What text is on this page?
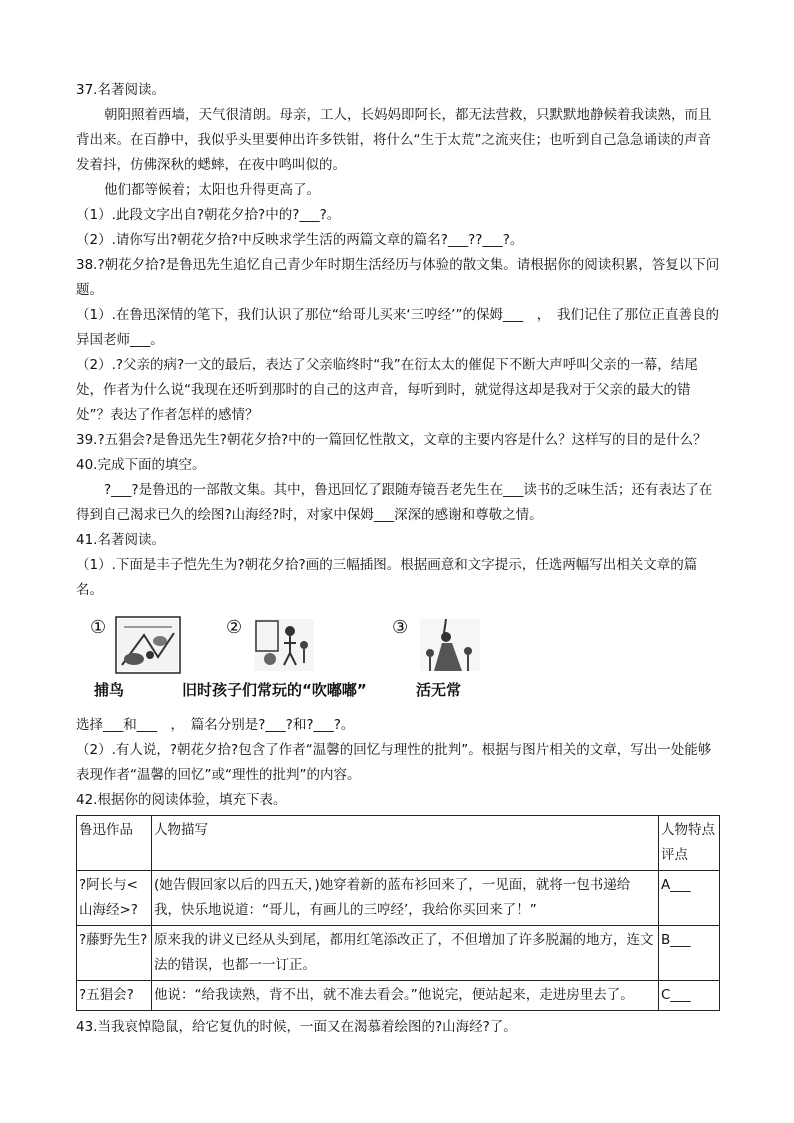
37.名著阅读。

朝阳照着西墙，天气很清朗。母亲，工人，长妈妈即阿长，都无法营救，只默默地静候着我读熟，而且背出来。在百静中，我似乎头里要伸出许多铁钳，将什么“生于太荒”之流夹住；也听到自己急急诵读的声音发着抖，仿佛深秋的蟋蟀，在夜中鸣叫似的。

他们都等候着；太阳也升得更高了。

（1）.此段文字出自?朝花夕拾?中的?___?。

（2）.请你写出?朝花夕拾?中反映求学生活的两篇文章的篇名?___??___?。

38.?朝花夕拾?是鲁迅先生追忆自己青少年时期生活经历与体验的散文集。请根据你的阅读积累，答复以下问题。

（1）.在鲁迅深情的笔下，我们认识了那位“给哥儿买来‘三哼经’”的保姆___　，　我们记住了那位正直善良的异国老师___。

（2）.?父亲的病?一文的最后，表达了父亲临终时“我”在衍太太的催促下不断大声呼叫父亲的一幕，结尾处，作者为什么说“我现在还听到那时的自己的这声音，每听到时，就觉得这却是我对于父亲的最大的错处”？表达了作者怎样的感情？

39.?五猖会?是鲁迅先生?朝花夕拾?中的一篇回忆性散文，文章的主要内容是什么？这样写的目的是什么？

40.完成下面的填空。

?___?是鲁迅的一部散文集。其中，鲁迅回忆了跟随寿镜吾老先生在___读书的乏味生活；还有表达了在得到自己渴求已久的绘图?山海经?时，对家中保姆___深深的感谢和尊敬之情。

41.名著阅读。

（1）.下面是丰子恺先生为?朝花夕拾?画的三幅插图。根据画意和文字提示，任选两幅写出相关文章的篇名。

①
捕鸟
②
旧时孩子们常玩的“吹嘟嘟”
③
活无常

选择___和___　，　篇名分别是?___?和?___?。

（2）.有人说，?朝花夕拾?包含了作者“温馨的回忆与理性的批判”。根据与图片相关的文章，写出一处能够表现作者“温馨的回忆”或“理性的批判”的内容。

42.根据你的阅读体验，填充下表。

鲁迅作品	人物描写	人物特点评点
?阿长与<山海经>?	(她告假回家以后的四五天，)她穿着新的蓝布衫回来了，一见面，就将一包书递给我，快乐地说道：“哥儿，有画儿的三哼经’，我给你买回来了！”	A___
?藤野先生?	原来我的讲义已经从头到尾，都用红笔添改正了，不但增加了许多脱漏的地方，连文法的错误，也都一一订正。	B___
?五猖会?	他说：“给我读熟，背不出，就不准去看会。”他说完，便站起来，走进房里去了。	C___

43.当我哀悼隐鼠，给它复仇的时候，一面又在渴慕着绘图的?山海经?了。
